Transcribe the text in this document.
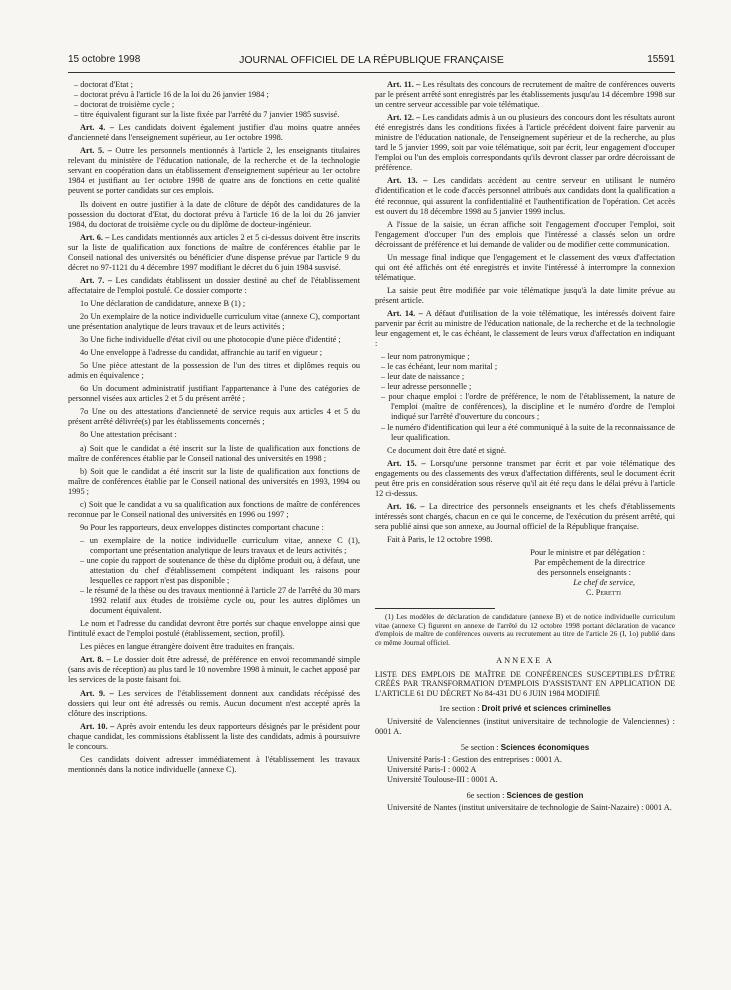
15 octobre 1998	JOURNAL OFFICIEL DE LA RÉPUBLIQUE FRANÇAISE	15591
– doctorat d'Etat ;
– doctorat prévu à l'article 16 de la loi du 26 janvier 1984 ;
– doctorat de troisième cycle ;
– titre équivalent figurant sur la liste fixée par l'arrêté du 7 janvier 1985 susvisé.

Art. 4. – Les candidats doivent également justifier d'au moins quatre années d'ancienneté dans l'enseignement supérieur, au 1er octobre 1998.

Art. 5. – Outre les personnels mentionnés à l'article 2, les enseignants titulaires relevant du ministère de l'éducation nationale, de la recherche et de la technologie servant en coopération dans un établissement d'enseignement supérieur au 1er octobre 1984 et justifiant au 1er octobre 1998 de quatre ans de fonctions en cette qualité peuvent se porter candidats sur ces emplois.

Ils doivent en outre justifier à la date de clôture de dépôt des candidatures de la possession du doctorat d'Etat, du doctorat prévu à l'article 16 de la loi du 26 janvier 1984, du doctorat de troisième cycle ou du diplôme de docteur-ingénieur.

Art. 6. – Les candidats mentionnés aux articles 2 et 5 ci-dessus doivent être inscrits sur la liste de qualification aux fonctions de maître de conférences établie par le Conseil national des universités ou bénéficier d'une dispense prévue par l'article 9 du décret no 97-1121 du 4 décembre 1997 modifiant le décret du 6 juin 1984 susvisé.

Art. 7. – Les candidats établissent un dossier destiné au chef de l'établissement affectataire de l'emploi postulé. Ce dossier comporte :

1o Une déclaration de candidature, annexe B (1) ;

2o Un exemplaire de la notice individuelle curriculum vitae (annexe C), comportant une présentation analytique de leurs travaux et de leurs activités ;

3o Une fiche individuelle d'état civil ou une photocopie d'une pièce d'identité ;

4o Une enveloppe à l'adresse du candidat, affranchie au tarif en vigueur ;

5o Une pièce attestant de la possession de l'un des titres et diplômes requis ou admis en équivalence ;

6o Un document administratif justifiant l'appartenance à l'une des catégories de personnel visées aux articles 2 et 5 du présent arrêté ;

7o Une ou des attestations d'ancienneté de service requis aux articles 4 et 5 du présent arrêté délivrée(s) par les établissements concernés ;

8o Une attestation précisant :

a) Soit que le candidat a été inscrit sur la liste de qualification aux fonctions de maître de conférences établie par le Conseil national des universités en 1998 ;

b) Soit que le candidat a été inscrit sur la liste de qualification aux fonctions de maître de conférences établie par le Conseil national des universités en 1993, 1994 ou 1995 ;

c) Soit que le candidat a vu sa qualification aux fonctions de maître de conférences reconnue par le Conseil national des universités en 1996 ou 1997 ;

9o Pour les rapporteurs, deux enveloppes distinctes comportant chacune :

– un exemplaire de la notice individuelle curriculum vitae, annexe C (1), comportant une présentation analytique de leurs travaux et de leurs activités ;
– une copie du rapport de soutenance de thèse du diplôme produit ou, à défaut, une attestation du chef d'établissement compétent indiquant les raisons pour lesquelles ce rapport n'est pas disponible ;
– le résumé de la thèse ou des travaux mentionné à l'article 27 de l'arrêté du 30 mars 1992 relatif aux études de troisième cycle ou, pour les autres diplômes un document équivalent.

Le nom et l'adresse du candidat devront être portés sur chaque enveloppe ainsi que l'intitulé exact de l'emploi postulé (établissement, section, profil).

Les pièces en langue étrangère doivent être traduites en français.

Art. 8. – Le dossier doit être adressé, de préférence en envoi recommandé simple (sans avis de réception) au plus tard le 10 novembre 1998 à minuit, le cachet apposé par les services de la poste faisant foi.

Art. 9. – Les services de l'établissement donnent aux candidats récépissé des dossiers qui leur ont été adressés ou remis. Aucun document n'est accepté après la clôture des inscriptions.

Art. 10. – Après avoir entendu les deux rapporteurs désignés par le président pour chaque candidat, les commissions établissent la liste des candidats, admis à poursuivre le concours.

Ces candidats doivent adresser immédiatement à l'établissement les travaux mentionnés dans la notice individuelle (annexe C).

Art. 11. – Les résultats des concours de recrutement de maître de conférences ouverts par le présent arrêté sont enregistrés par les établissements jusqu'au 14 décembre 1998 sur un centre serveur accessible par voie télématique.

Art. 12. – Les candidats admis à un ou plusieurs des concours dont les résultats auront été enregistrés dans les conditions fixées à l'article précédent doivent faire parvenir au ministre de l'éducation nationale, de l'enseignement supérieur et de la recherche, au plus tard le 5 janvier 1999, soit par voie télématique, soit par écrit, leur engagement d'occuper l'emploi ou l'un des emplois correspondants qu'ils devront classer par ordre décroissant de préférence.

Art. 13. – Les candidats accèdent au centre serveur en utilisant le numéro d'identification et le code d'accès personnel attribués aux candidats dont la qualification a été reconnue, qui assurent la confidentialité et l'authentification de l'opération. Cet accès est ouvert du 18 décembre 1998 au 5 janvier 1999 inclus.

A l'issue de la saisie, un écran affiche soit l'engagement d'occuper l'emploi, soit l'engagement d'occuper l'un des emplois que l'intéressé a classés selon un ordre décroissant de préférence et lui demande de valider ou de modifier cette communication.

Un message final indique que l'engagement et le classement des vœux d'affectation qui ont été affichés ont été enregistrés et invite l'intéressé à interrompre la connexion télématique.

La saisie peut être modifiée par voie télématique jusqu'à la date limite prévue au présent article.

Art. 14. – A défaut d'utilisation de la voie télématique, les intéressés doivent faire parvenir par écrit au ministre de l'éducation nationale, de la recherche et de la technologie leur engagement et, le cas échéant, le classement de leurs vœux d'affectation en indiquant :

– leur nom patronymique ;
– le cas échéant, leur nom marital ;
– leur date de naissance ;
– leur adresse personnelle ;
– pour chaque emploi : l'ordre de préférence, le nom de l'établissement, la nature de l'emploi (maître de conférences), la discipline et le numéro d'ordre de l'emploi indiqué sur l'arrêté d'ouverture du concours ;
– le numéro d'identification qui leur a été communiqué à la suite de la reconnaissance de leur qualification.

Ce document doit être daté et signé.

Art. 15. – Lorsqu'une personne transmet par écrit et par voie télématique des engagements ou des classements des vœux d'affectation différents, seul le document écrit peut être pris en considération sous réserve qu'il ait été reçu dans le délai prévu à l'article 12 ci-dessus.

Art. 16. – La directrice des personnels enseignants et les chefs d'établissements intéressés sont chargés, chacun en ce qui le concerne, de l'exécution du présent arrêté, qui sera publié ainsi que son annexe, au Journal officiel de la République française.

Fait à Paris, le 12 octobre 1998.

Pour le ministre et par délégation :

Par empêchement de la directrice

des personnels enseignants :

Le chef de service,

C. Peretti

(1) Les modèles de déclaration de candidature (annexe B) et de notice individuelle curriculum vitae (annexe C) figurent en annexe de l'arrêté du 12 octobre 1998 portant déclaration de vacance d'emplois de maître de conférences ouverts au recrutement au titre de l'article 26 (I, 1o) publié dans ce même Journal officiel.

ANNEXE A

LISTE DES EMPLOIS DE MAÎTRE DE CONFÉRENCES SUSCEPTIBLES D'ÊTRE CRÉÉS PAR TRANSFORMATION D'EMPLOIS D'ASSISTANT EN APPLICATION DE L'ARTICLE 61 DU DÉCRET No 84-431 DU 6 JUIN 1984 MODIFIÉ

1re section : Droit privé et sciences criminelles

Université de Valenciennes (institut universitaire de technologie de Valenciennes) : 0001 A.

5e section : Sciences économiques

Université Paris-I : Gestion des entreprises : 0001 A.

Université Paris-I : 0002 A

Université Toulouse-III : 0001 A.

6e section : Sciences de gestion

Université de Nantes (institut universitaire de technologie de Saint-Nazaire) : 0001 A.
